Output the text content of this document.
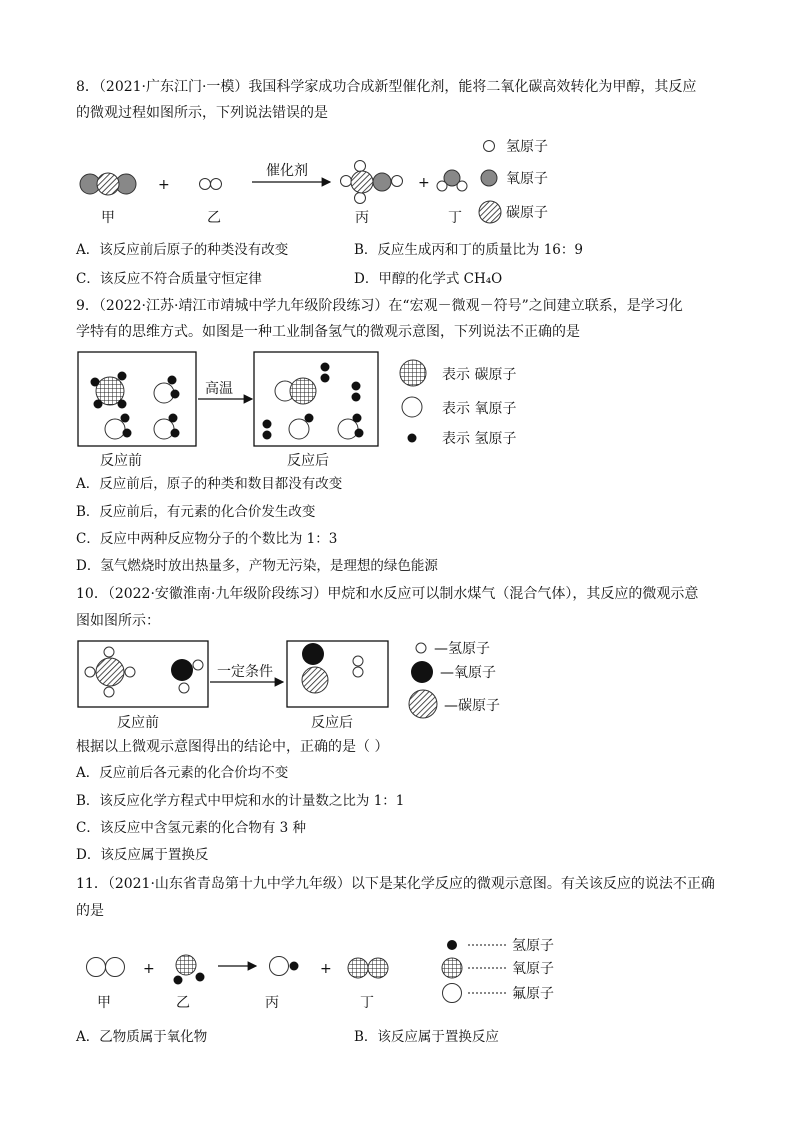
8．（2021·广东江门·一模）我国科学家成功合成新型催化剂，能将二氧化碳高效转化为甲醇，其反应
的微观过程如图所示，下列说法错误的是
+
催化剂
+
甲	乙	丙	丁
氢原子
氧原子
碳原子
高温
反应前	反应后
表示 碳原子
表示 氧原子
表示 氢原子
一定条件
反应前	反应后
—氢原子
—氧原子
—碳原子
+	+
甲	乙	丙	丁
氢原子
氧原子
氟原子
A．该反应前后原子的种类没有改变	B．反应生成丙和丁的质量比为 16：9
C．该反应不符合质量守恒定律	D．甲醇的化学式 CH₄O
9．（2022·江苏·靖江市靖城中学九年级阶段练习）在“宏观－微观－符号”之间建立联系，是学习化
学特有的思维方式。如图是一种工业制备氢气的微观示意图，下列说法不正确的是
A．反应前后，原子的种类和数目都没有改变
B．反应前后，有元素的化合价发生改变
C．反应中两种反应物分子的个数比为 1：3
D．氢气燃烧时放出热量多，产物无污染，是理想的绿色能源
10．（2022·安徽淮南·九年级阶段练习）甲烷和水反应可以制水煤气（混合气体），其反应的微观示意
图如图所示：
根据以上微观示意图得出的结论中，正确的是（ ）
A．反应前后各元素的化合价均不变
B．该反应化学方程式中甲烷和水的计量数之比为 1：1
C．该反应中含氢元素的化合物有 3 种
D．该反应属于置换反
11．（2021·山东省青岛第十九中学九年级）以下是某化学反应的微观示意图。有关该反应的说法不正确
的是
A．乙物质属于氧化物	B．该反应属于置换反应
